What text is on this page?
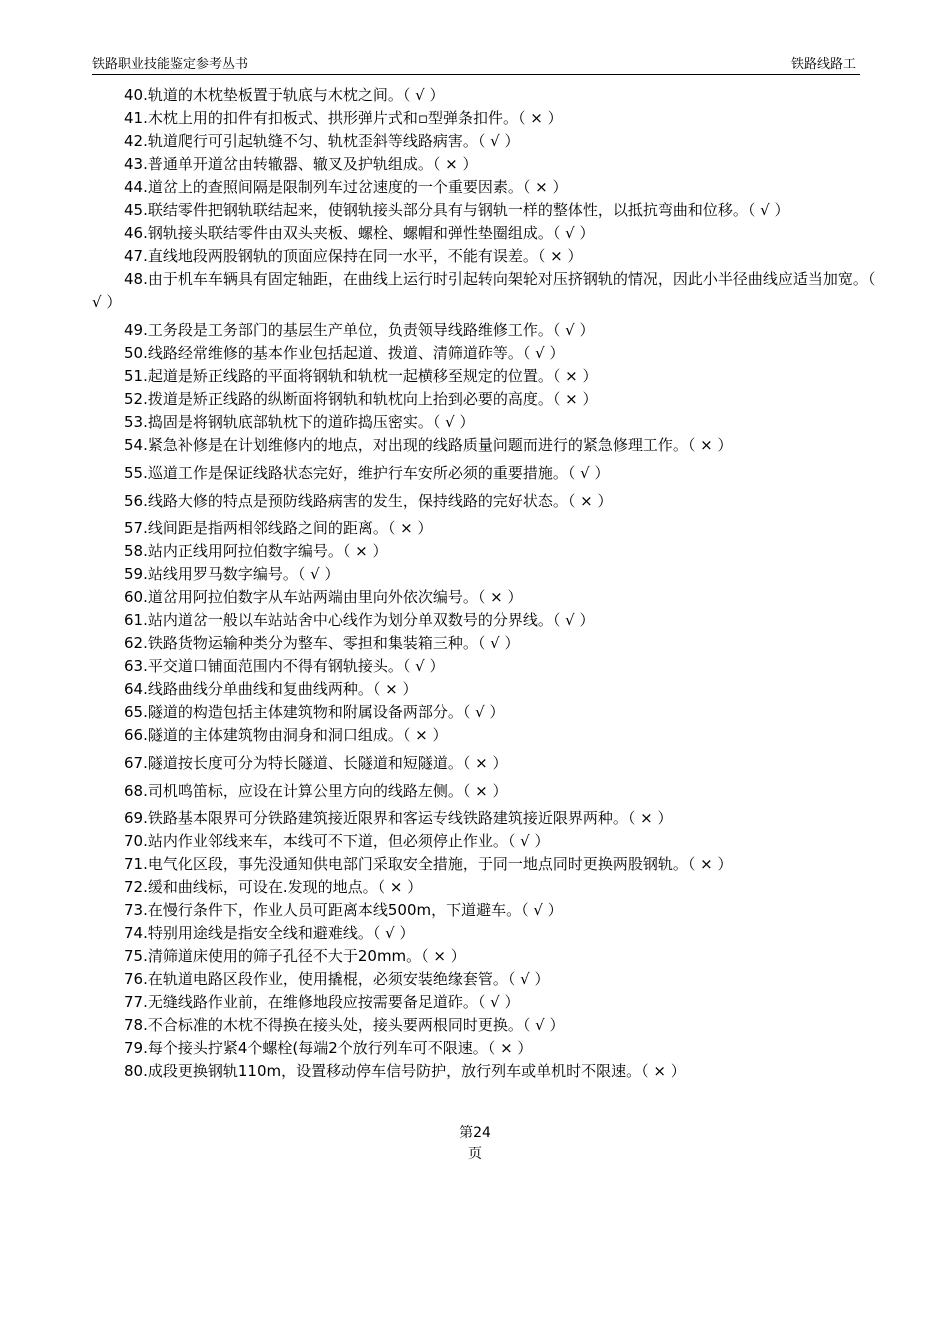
铁路职业技能鉴定参考丛书	铁路线路工
40.轨道的木枕垫板置于轨底与木枕之间。（ √ ）
41.木枕上用的扣件有扣板式、拱形弹片式和▫型弹条扣件。（ ⨯ ）
42.轨道爬行可引起轨缝不匀、轨枕歪斜等线路病害。（ √ ）
43.普通单开道岔由转辙器、辙叉及护轨组成。（ ⨯ ）
44.道岔上的查照间隔是限制列车过岔速度的一个重要因素。（ ⨯ ）
45.联结零件把钢轨联结起来，使钢轨接头部分具有与钢轨一样的整体性，以抵抗弯曲和位移。（ √ ）
46.钢轨接头联结零件由双头夹板、螺栓、螺帽和弹性垫圈组成。（ √ ）
47.直线地段两股钢轨的顶面应保持在同一水平，不能有误差。（ ⨯ ）
48.由于机车车辆具有固定轴距，在曲线上运行时引起转向架轮对压挤钢轨的情况，因此小半径曲线应适当加宽。（ √ ）
49.工务段是工务部门的基层生产单位，负责领导线路维修工作。（ √ ）
50.线路经常维修的基本作业包括起道、拨道、清筛道砟等。（ √ ）
51.起道是矫正线路的平面将钢轨和轨枕一起横移至规定的位置。（ ⨯ ）
52.拨道是矫正线路的纵断面将钢轨和轨枕向上抬到必要的高度。（ ⨯ ）
53.捣固是将钢轨底部轨枕下的道砟捣压密实。（ √ ）
54.紧急补修是在计划维修内的地点，对出现的线路质量问题而进行的紧急修理工作。（ ⨯ ）
55.巡道工作是保证线路状态完好，维护行车安所必须的重要措施。（ √ ）
56.线路大修的特点是预防线路病害的发生，保持线路的完好状态。（ ⨯ ）
57.线间距是指两相邻线路之间的距离。（ ⨯ ）
58.站内正线用阿拉伯数字编号。（ ⨯ ）
59.站线用罗马数字编号。（ √ ）
60.道岔用阿拉伯数字从车站两端由里向外依次编号。（ ⨯ ）
61.站内道岔一般以车站站舍中心线作为划分单双数号的分界线。（ √ ）
62.铁路货物运输种类分为整车、零担和集装箱三种。（ √ ）
63.平交道口铺面范围内不得有钢轨接头。（ √ ）
64.线路曲线分单曲线和复曲线两种。（ ⨯ ）
65.隧道的构造包括主体建筑物和附属设备两部分。（ √ ）
66.隧道的主体建筑物由洞身和洞口组成。（ ⨯ ）
67.隧道按长度可分为特长隧道、长隧道和短隧道。（ ⨯ ）
68.司机鸣笛标，应设在计算公里方向的线路左侧。（ ⨯ ）
69.铁路基本限界可分铁路建筑接近限界和客运专线铁路建筑接近限界两种。（ ⨯ ）
70.站内作业邻线来车，本线可不下道，但必须停止作业。（ √ ）
71.电气化区段，事先没通知供电部门采取安全措施，于同一地点同时更换两股钢轨。（ ⨯ ）
72.缓和曲线标，可设在.发现的地点。（ ⨯ ）
73.在慢行条件下，作业人员可距离本线500m，下道避车。（ √ ）
74.特别用途线是指安全线和避难线。（ √ ）
75.清筛道床使用的筛子孔径不大于20mm。（ ⨯ ）
76.在轨道电路区段作业，使用撬棍，必须安装绝缘套管。（ √ ）
77.无缝线路作业前，在维修地段应按需要备足道砟。（ √ ）
78.不合标准的木枕不得换在接头处，接头要两根同时更换。（ √ ）
79.每个接头拧紧4个螺栓(每端2个放行列车可不限速。（ ⨯ ）
80.成段更换钢轨110m，设置移动停车信号防护，放行列车或单机时不限速。（ ⨯ ）
第24
页
